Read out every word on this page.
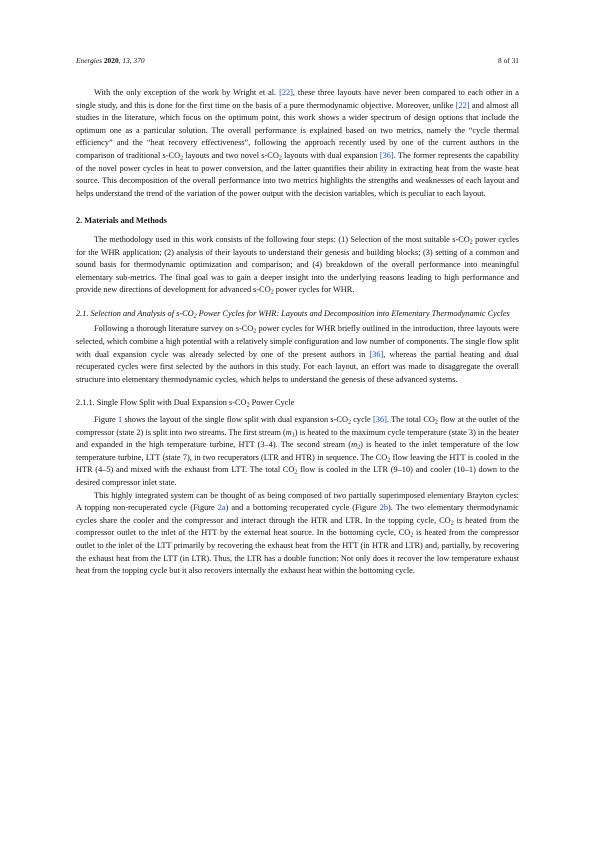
Energies 2020, 13, 370	8 of 31

With the only exception of the work by Wright et al. [22], these three layouts have never been compared to each other in a single study, and this is done for the first time on the basis of a pure thermodynamic objective. Moreover, unlike [22] and almost all studies in the literature, which focus on the optimum point, this work shows a wider spectrum of design options that include the optimum one as a particular solution. The overall performance is explained based on two metrics, namely the “cycle thermal efficiency” and the “heat recovery effectiveness”, following the approach recently used by one of the current authors in the comparison of traditional $s-CO_2$ layouts and two novel $s-CO_2$ layouts with dual expansion [36]. The former represents the capability of the novel power cycles in heat to power conversion, and the latter quantifies their ability in extracting heat from the waste heat source. This decomposition of the overall performance into two metrics highlights the strengths and weaknesses of each layout and helps understand the trend of the variation of the power output with the decision variables, which is peculiar to each layout.

2. Materials and Methods

The methodology used in this work consists of the following four steps: (1) Selection of the most suitable $s-CO_2$ power cycles for the WHR application; (2) analysis of their layouts to understand their genesis and building blocks; (3) setting of a common and sound basis for thermodynamic optimization and comparison; and (4) breakdown of the overall performance into meaningful elementary sub-metrics. The final goal was to gain a deeper insight into the underlying reasons leading to high performance and provide new directions of development for advanced $s-CO_2$ power cycles for WHR.

2.1. Selection and Analysis of $s-CO_2$ Power Cycles for WHR: Layouts and Decomposition into Elementary Thermodynamic Cycles

Following a thorough literature survey on $s-CO_2$ power cycles for WHR briefly outlined in the introduction, three layouts were selected, which combine a high potential with a relatively simple configuration and low number of components. The single flow split with dual expansion cycle was already selected by one of the present authors in [36], whereas the partial heating and dual recuperated cycles were first selected by the authors in this study. For each layout, an effort was made to disaggregate the overall structure into elementary thermodynamic cycles, which helps to understand the genesis of these advanced systems.

2.1.1. Single Flow Split with Dual Expansion $s-CO_2$ Power Cycle

Figure 1 shows the layout of the single flow split with dual expansion $s-CO_2$ cycle [36]. The total $CO_2$ flow at the outlet of the compressor (state 2) is split into two streams. The first stream $(m_1)$ is heated to the maximum cycle temperature (state 3) in the heater and expanded in the high temperature turbine, HTT (3–4). The second stream $(m_2)$ is heated to the inlet temperature of the low temperature turbine, LTT (state 7), in two recuperators (LTR and HTR) in sequence. The $CO_2$ flow leaving the HTT is cooled in the HTR (4–5) and mixed with the exhaust from LTT. The total $CO_2$ flow is cooled in the LTR (9–10) and cooler (10–1) down to the desired compressor inlet state.

This highly integrated system can be thought of as being composed of two partially superimposed elementary Brayton cycles: A topping non-recuperated cycle (Figure 2a) and a bottoming recuperated cycle (Figure 2b). The two elementary thermodynamic cycles share the cooler and the compressor and interact through the HTR and LTR. In the topping cycle, $CO_2$ is heated from the compressor outlet to the inlet of the HTT by the external heat source. In the bottoming cycle, $CO_2$ is heated from the compressor outlet to the inlet of the LTT primarily by recovering the exhaust heat from the HTT (in HTR and LTR) and, partially, by recovering the exhaust heat from the LTT (in LTR). Thus, the LTR has a double function: Not only does it recover the low temperature exhaust heat from the topping cycle but it also recovers internally the exhaust heat within the bottoming cycle.
